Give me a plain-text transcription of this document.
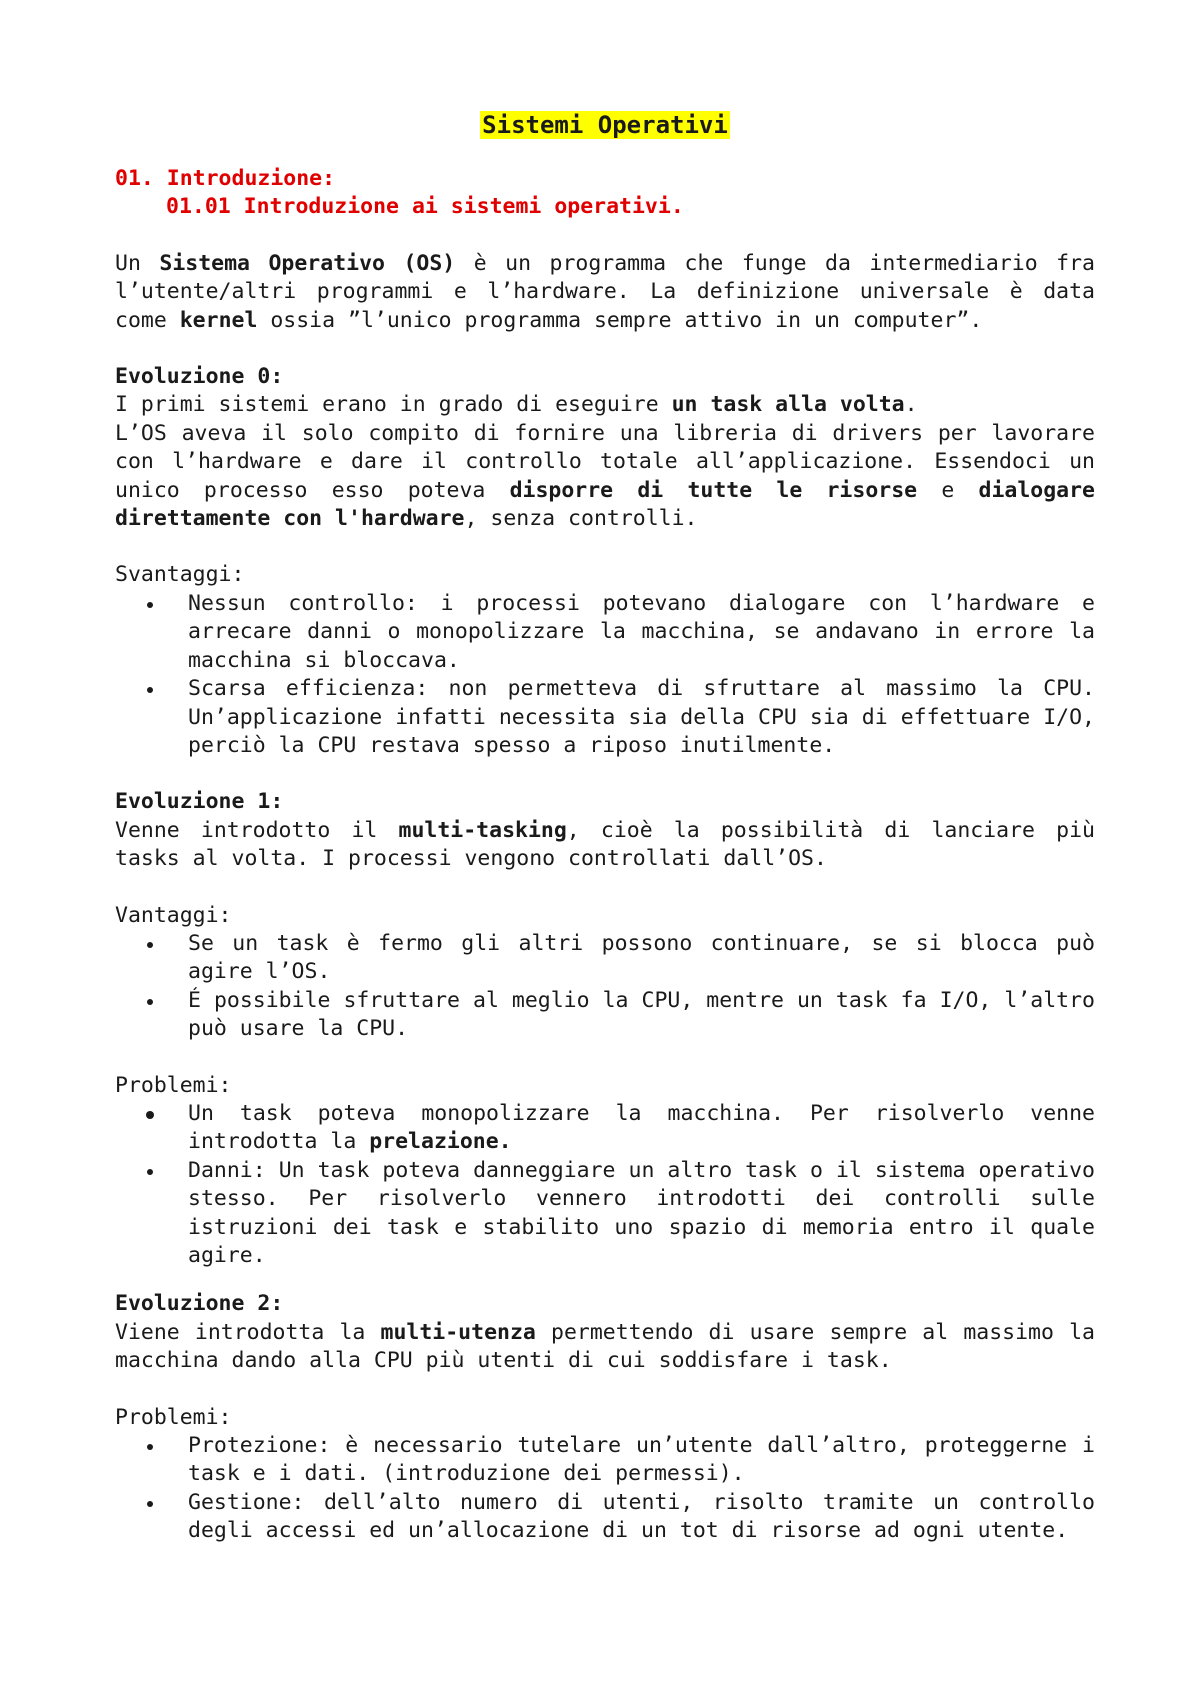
Sistemi Operativi
01. Introduzione:
01.01 Introduzione ai sistemi operativi.

Un Sistema Operativo (OS) è un programma che funge da intermediario fra l’utente/altri programmi e l’hardware. La definizione universale è data come kernel ossia ”l’unico programma sempre attivo in un computer”.

Evoluzione 0:

I primi sistemi erano in grado di eseguire un task alla volta.

L’OS aveva il solo compito di fornire una libreria di drivers per lavorare con l’hardware e dare il controllo totale all’applicazione. Essendoci un unico processo esso poteva disporre di tutte le risorse e dialogare direttamente con l'hardware, senza controlli.

Svantaggi:

Nessun controllo: i processi potevano dialogare con l’hardware e arrecare danni o monopolizzare la macchina, se andavano in errore la macchina si bloccava.
Scarsa efficienza: non permetteva di sfruttare al massimo la CPU. Un’applicazione infatti necessita sia della CPU sia di effettuare I/O, perciò la CPU restava spesso a riposo inutilmente.

Evoluzione 1:

Venne introdotto il multi-tasking, cioè la possibilità di lanciare più tasks al volta. I processi vengono controllati dall’OS.

Vantaggi:

Se un task è fermo gli altri possono continuare, se si blocca può agire l’OS.
É possibile sfruttare al meglio la CPU, mentre un task fa I/O, l’altro può usare la CPU.

Problemi:

Un task poteva monopolizzare la macchina. Per risolverlo venne introdotta la prelazione.
Danni: Un task poteva danneggiare un altro task o il sistema operativo stesso. Per risolverlo vennero introdotti dei controlli sulle istruzioni dei task e stabilito uno spazio di memoria entro il quale agire.

Evoluzione 2:

Viene introdotta la multi-utenza permettendo di usare sempre al massimo la macchina dando alla CPU più utenti di cui soddisfare i task.

Problemi:

Protezione: è necessario tutelare un’utente dall’altro, proteggerne i task e i dati. (introduzione dei permessi).
Gestione: dell’alto numero di utenti, risolto tramite un controllo degli accessi ed un’allocazione di un tot di risorse ad ogni utente.
